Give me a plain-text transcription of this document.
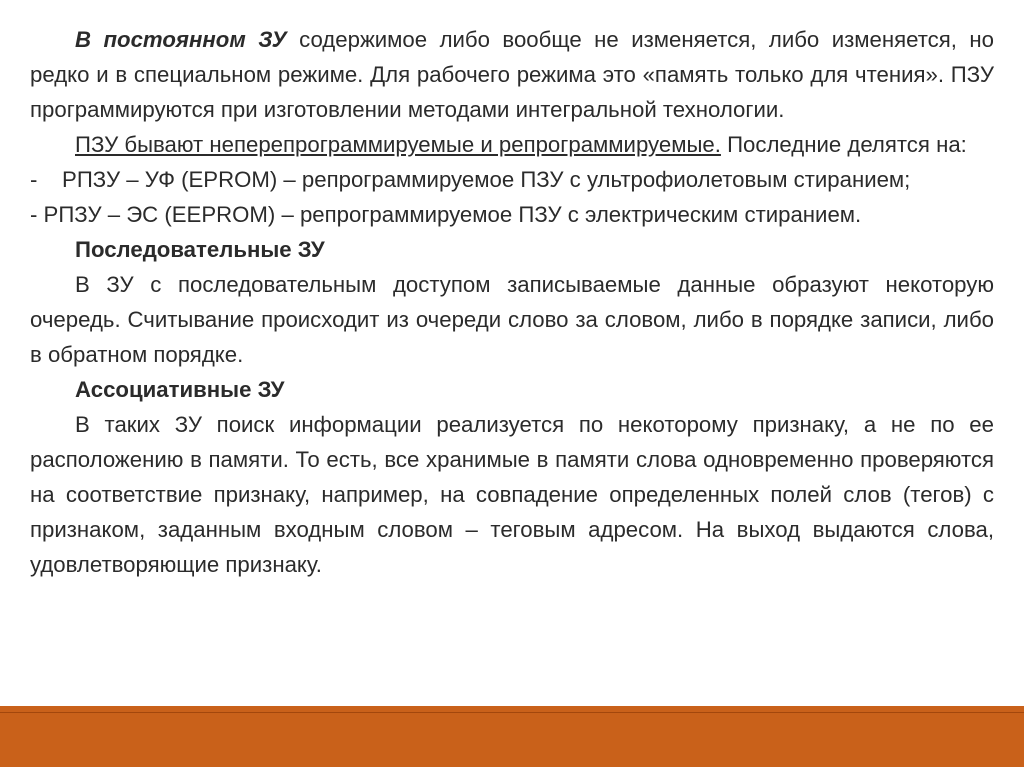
В постоянном ЗУ содержимое либо вообще не изменяется, либо изменяется, но редко и в специальном режиме. Для рабочего режима это «память только для чтения». ПЗУ программируются при изготовлении методами интегральной технологии.

ПЗУ бывают неперепрограммируемые и репрограммируемые. Последние делятся на:

-    РПЗУ – УФ (EPROM) – репрограммируемое ПЗУ с ультрофиолетовым стиранием;

- РПЗУ – ЭС (EEPROM) – репрограммируемое ПЗУ с электрическим стиранием.

Последовательные ЗУ

В ЗУ с последовательным доступом записываемые данные образуют некоторую очередь. Считывание происходит из очереди слово за словом, либо в порядке записи, либо в обратном порядке.

Ассоциативные ЗУ

В таких ЗУ поиск информации реализуется по некоторому признаку, а не по ее расположению в памяти. То есть, все хранимые в памяти слова одновременно проверяются на соответствие признаку, например, на совпадение определенных полей слов (тегов) с признаком, заданным входным словом – теговым адресом. На выход выдаются слова, удовлетворяющие признаку.
